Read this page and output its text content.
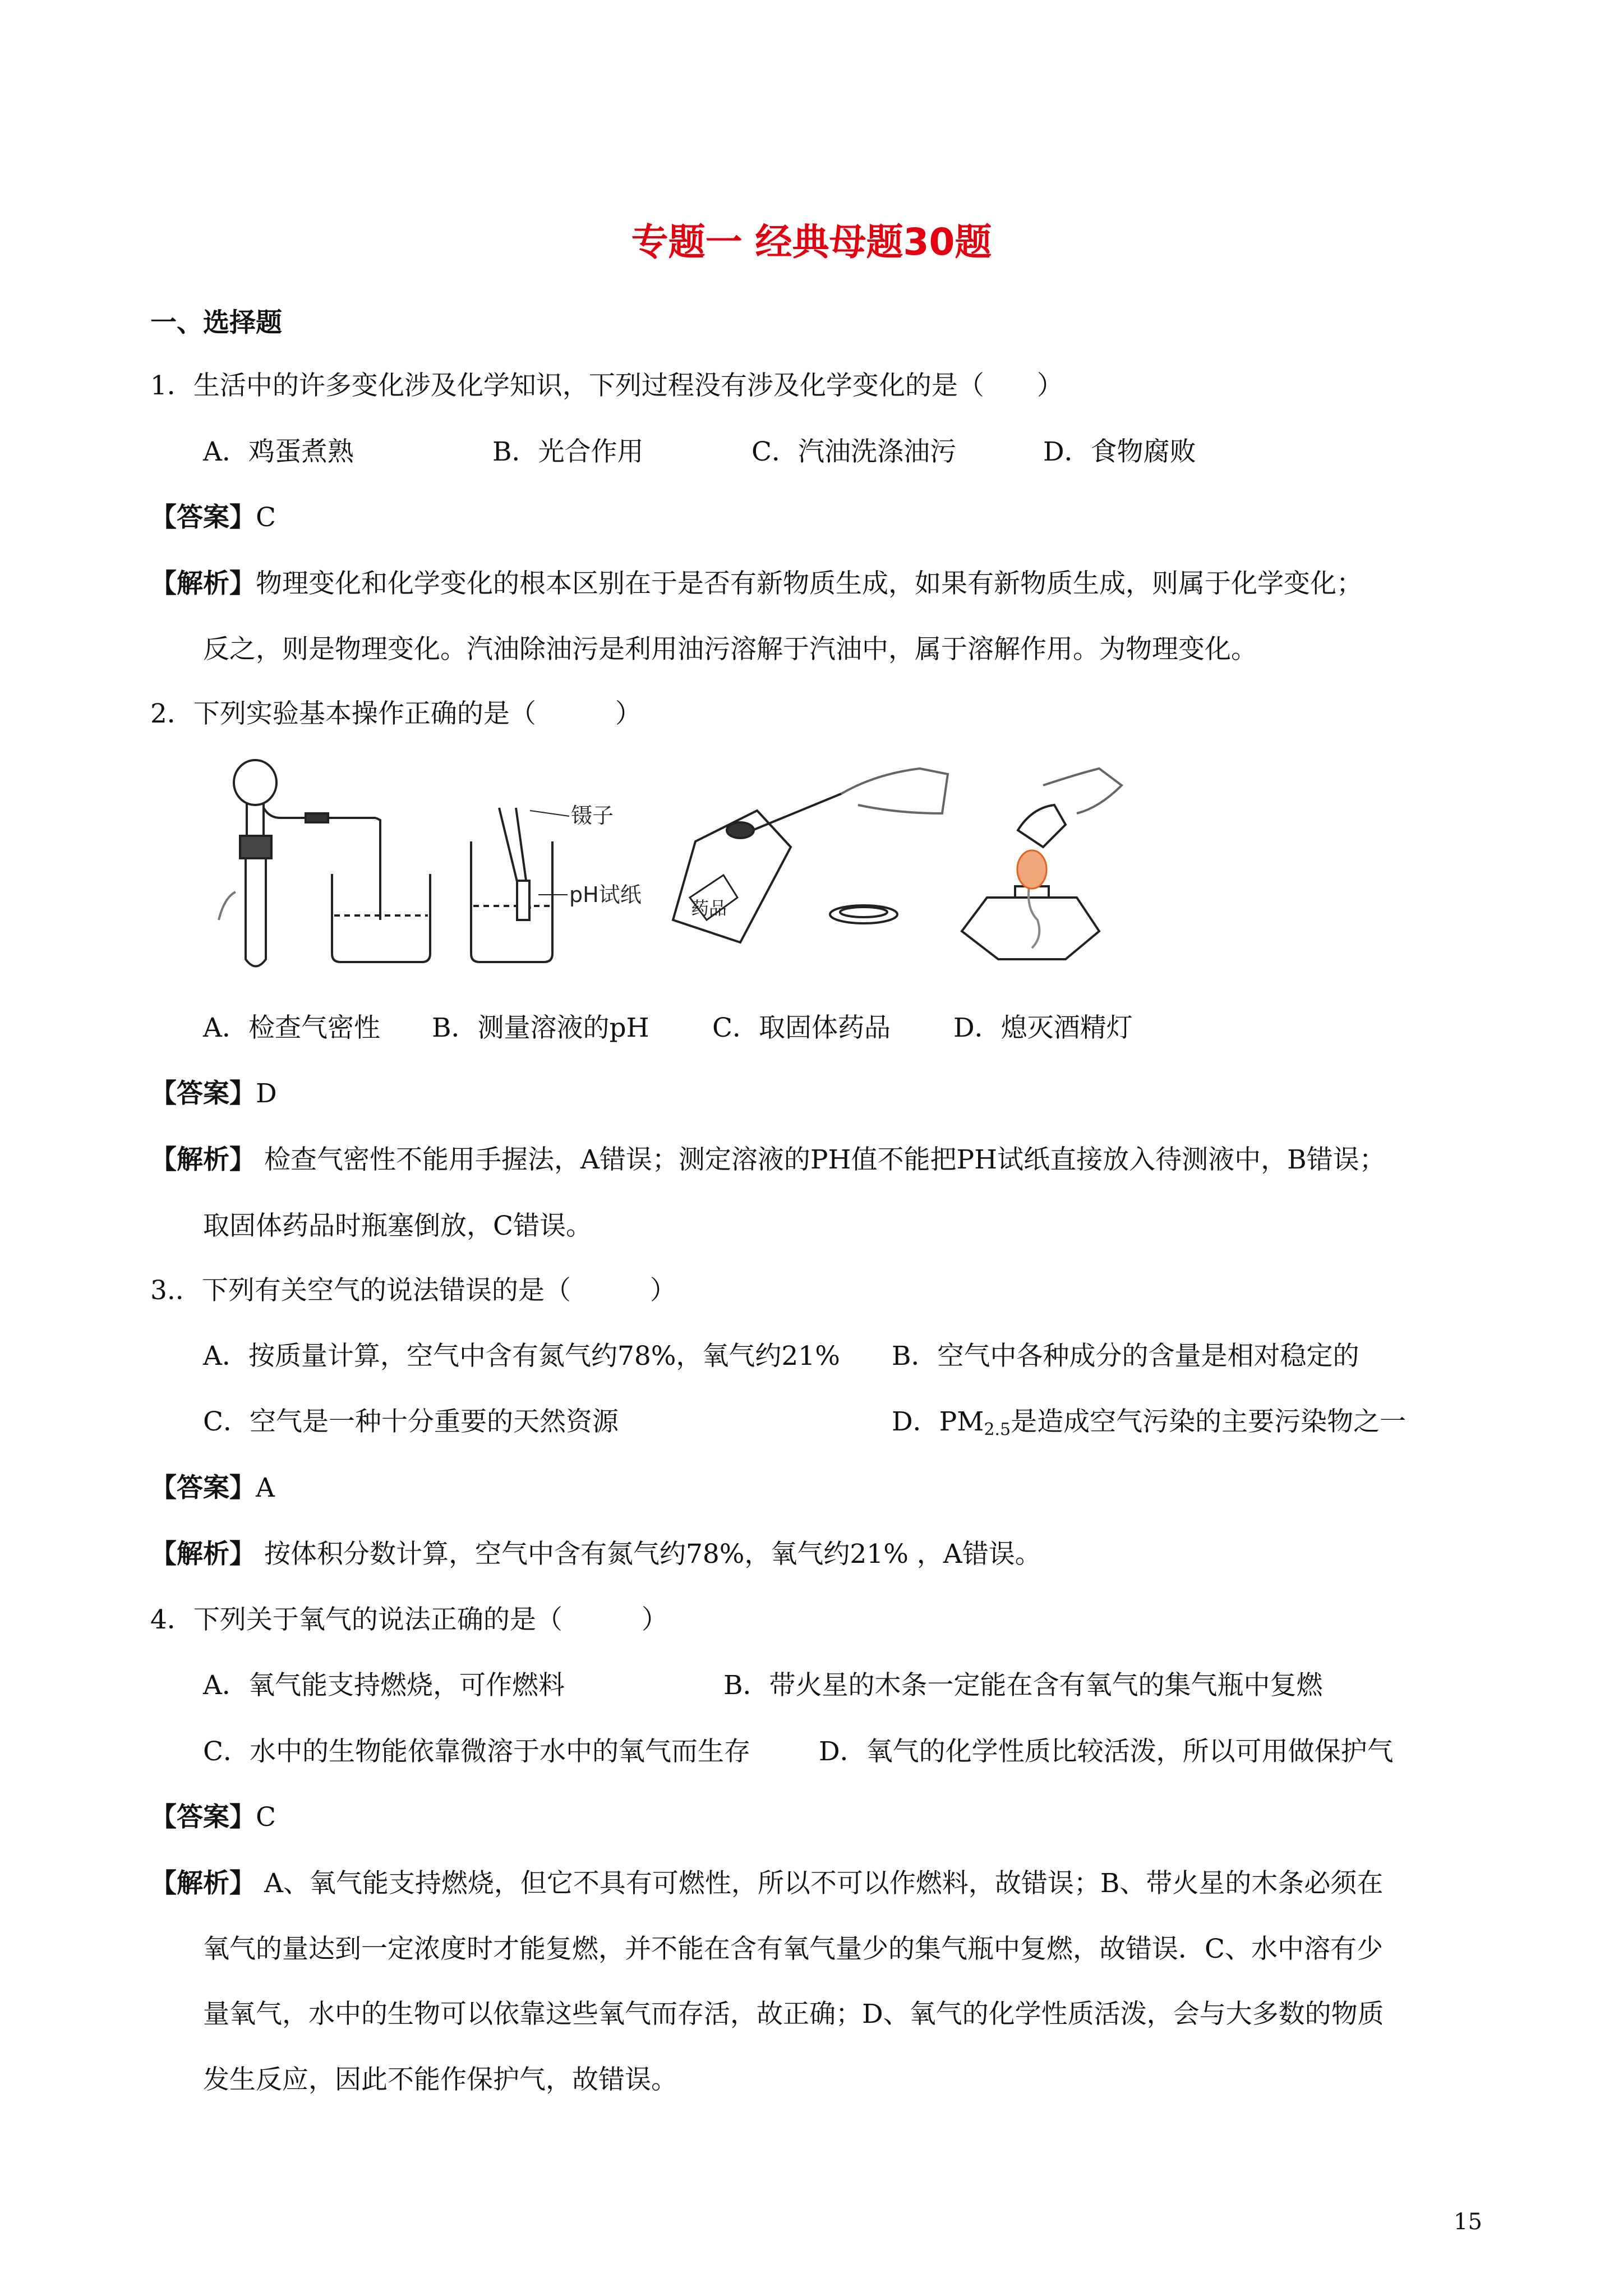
专题一 经典母题30题
一、选择题
1．生活中的许多变化涉及化学知识，下列过程没有涉及化学变化的是（　　）
A．鸡蛋煮熟	B．光合作用	C．汽油洗涤油污	D．食物腐败
【答案】C
【解析】物理变化和化学变化的根本区别在于是否有新物质生成，如果有新物质生成，则属于化学变化；
反之，则是物理变化。汽油除油污是利用油污溶解于汽油中，属于溶解作用。为物理变化。
2．下列实验基本操作正确的是（　　　）
镊子
pH试纸
药品
A．检查气密性 B．测量溶液的pH C．取固体药品 D．熄灭酒精灯
【答案】D
【解析】 检查气密性不能用手握法，A错误；测定溶液的PH值不能把PH试纸直接放入待测液中，B错误；
取固体药品时瓶塞倒放，C错误。
3.．下列有关空气的说法错误的是（　　　）
A．按质量计算，空气中含有氮气约78%，氧气约21% B．空气中各种成分的含量是相对稳定的
C．空气是一种十分重要的天然资源	D．$PM_{2.5}$是造成空气污染的主要污染物之一
【答案】A
【解析】 按体积分数计算，空气中含有氮气约78%，氧气约21% ，A错误。
4．下列关于氧气的说法正确的是（　　　）
A．氧气能支持燃烧，可作燃料	B．带火星的木条一定能在含有氧气的集气瓶中复燃
C．水中的生物能依靠微溶于水中的氧气而生存	D．氧气的化学性质比较活泼，所以可用做保护气
【答案】C
【解析】 A、氧气能支持燃烧，但它不具有可燃性，所以不可以作燃料，故错误；B、带火星的木条必须在
氧气的量达到一定浓度时才能复燃，并不能在含有氧气量少的集气瓶中复燃，故错误．C、水中溶有少
量氧气，水中的生物可以依靠这些氧气而存活，故正确；D、氧气的化学性质活泼，会与大多数的物质
发生反应，因此不能作保护气，故错误。
15
